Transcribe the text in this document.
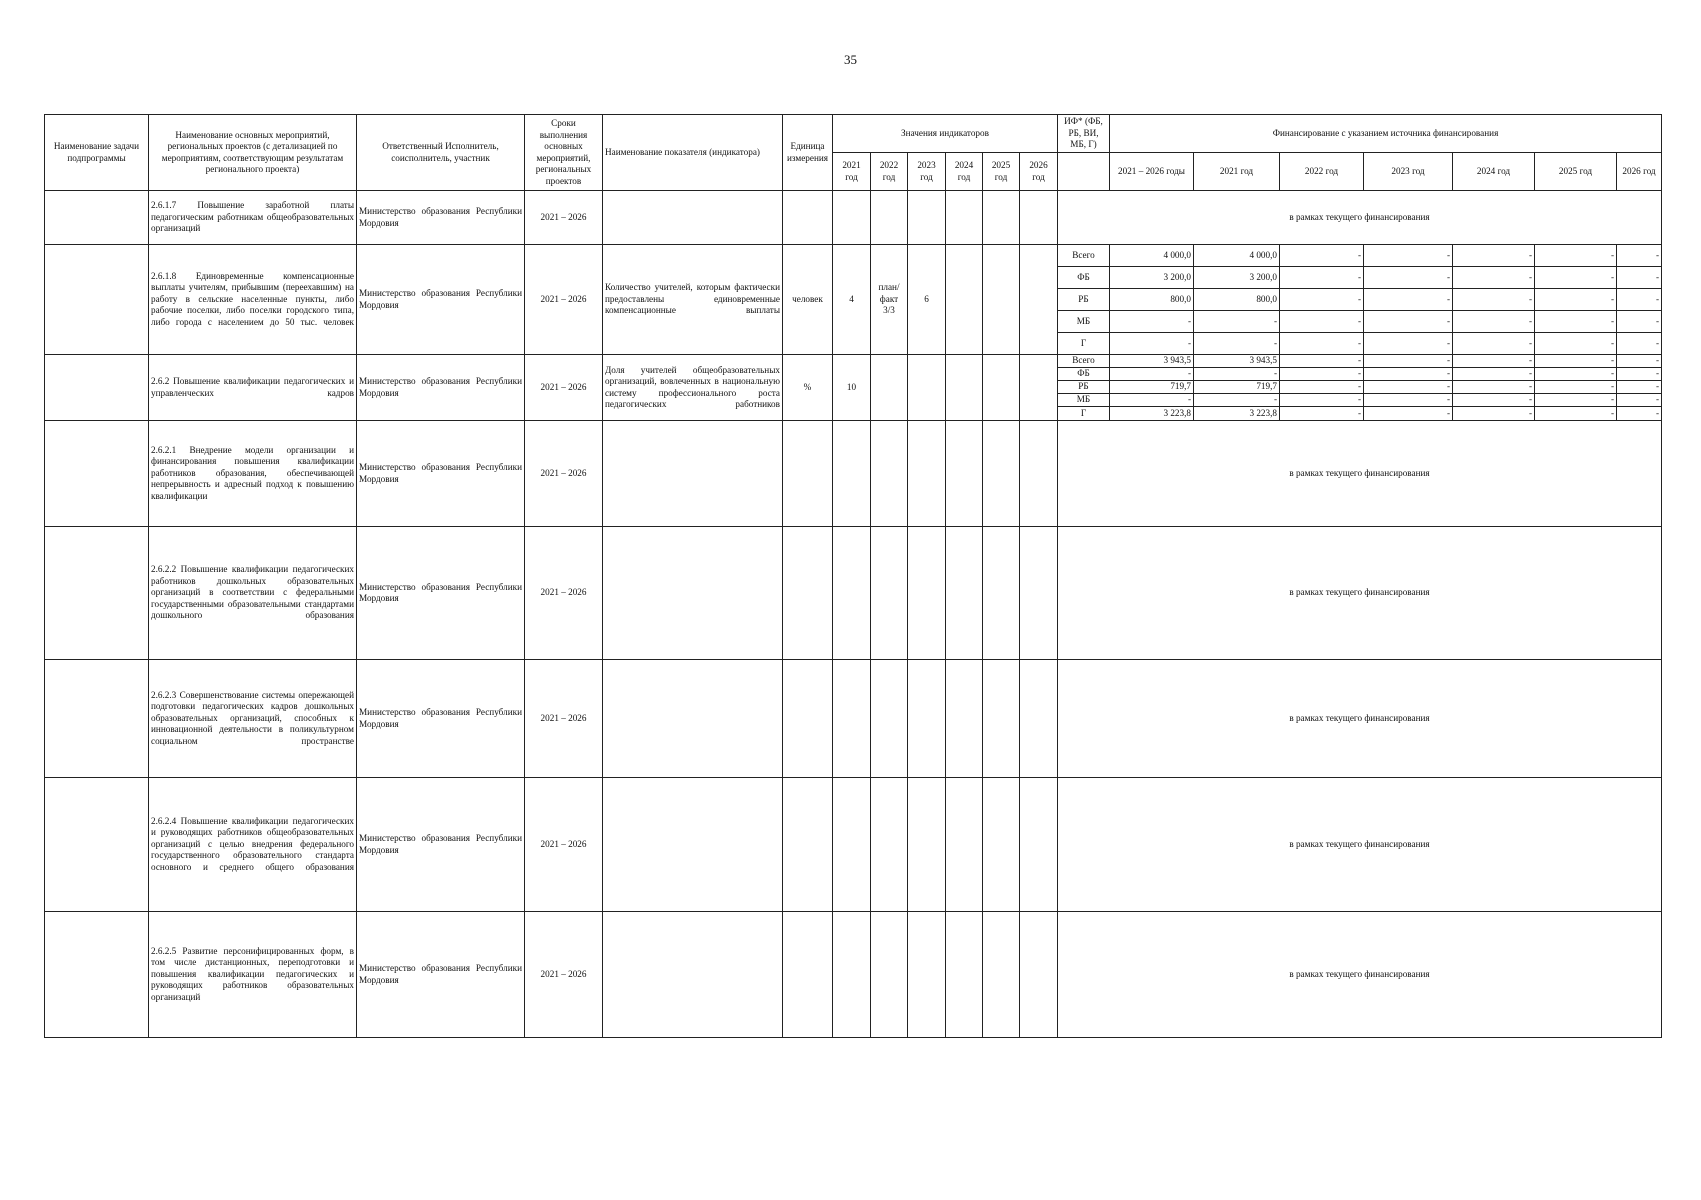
35
Наименование задачи подпрограммы	Наименование основных мероприятий, региональных проектов (с детализацией по мероприятиям, соответствующим результатам регионального проекта)	Ответственный Исполнитель, соисполнитель, участник	Сроки выполнения основных мероприятий, региональных проектов	Наименование показателя (индикатора)	Единица измерения	Значения индикаторов						ИФ* (ФБ, РБ, ВИ, МБ, Г)	Финансирование с указанием источника финансирования						
						2021 год	2022 год	2023 год	2024 год	2025 год	2026 год		2021 – 2026 годы	2021 год	2022 год	2023 год	2024 год	2025 год	2026 год
	2.6.1.7 Повышение заработной платы педагогическим работникам общеобразовательных организаций	Министерство образования Республики Мордовия	2021 – 2026									в рамках текущего финансирования							
	2.6.1.8 Единовременные компенсационные выплаты учителям, прибывшим (переехавшим) на работу в сельские населенные пункты, либо рабочие поселки, либо поселки городского типа, либо города с населением до 50 тыс. человек	Министерство образования Республики Мордовия	2021 – 2026	Количество учителей, которым фактически предоставлены единовременные компенсационные выплаты	человек	4	план/ факт 3/3	6				Всего	4 000,0	4 000,0	-	-	-	-	-
												ФБ	3 200,0	3 200,0	-	-	-	-	-
												РБ	800,0	800,0	-	-	-	-	-
												МБ	-	-	-	-	-	-	-
												Г	-	-	-	-	-	-	-
	2.6.2 Повышение квалификации педагогических и управленческих кадров	Министерство образования Республики Мордовия	2021 – 2026	Доля учителей общеобразовательных организаций, вовлеченных в национальную систему профессионального роста педагогических работников	%	10						Всего	3 943,5	3 943,5	-	-	-	-	-
												ФБ	-	-	-	-	-	-	-
												РБ	719,7	719,7	-	-	-	-	-
												МБ	-	-	-	-	-	-	-
												Г	3 223,8	3 223,8	-	-	-	-	-
	2.6.2.1 Внедрение модели организации и финансирования повышения квалификации работников образования, обеспечивающей непрерывность и адресный подход к повышению квалификации	Министерство образования Республики Мордовия	2021 – 2026									в рамках текущего финансирования							
	2.6.2.2 Повышение квалификации педагогических работников дошкольных образовательных организаций в соответствии с федеральными государственными образовательными стандартами дошкольного образования	Министерство образования Республики Мордовия	2021 – 2026									в рамках текущего финансирования							
	2.6.2.3 Совершенствование системы опережающей подготовки педагогических кадров дошкольных образовательных организаций, способных к инновационной деятельности в поликультурном социальном пространстве	Министерство образования Республики Мордовия	2021 – 2026									в рамках текущего финансирования							
	2.6.2.4 Повышение квалификации педагогических и руководящих работников общеобразовательных организаций с целью внедрения федерального государственного образовательного стандарта основного и среднего общего образования	Министерство образования Республики Мордовия	2021 – 2026									в рамках текущего финансирования							
	2.6.2.5 Развитие персонифицированных форм, в том числе дистанционных, переподготовки и повышения квалификации педагогических и руководящих работников образовательных организаций	Министерство образования Республики Мордовия	2021 – 2026									в рамках текущего финансирования							
